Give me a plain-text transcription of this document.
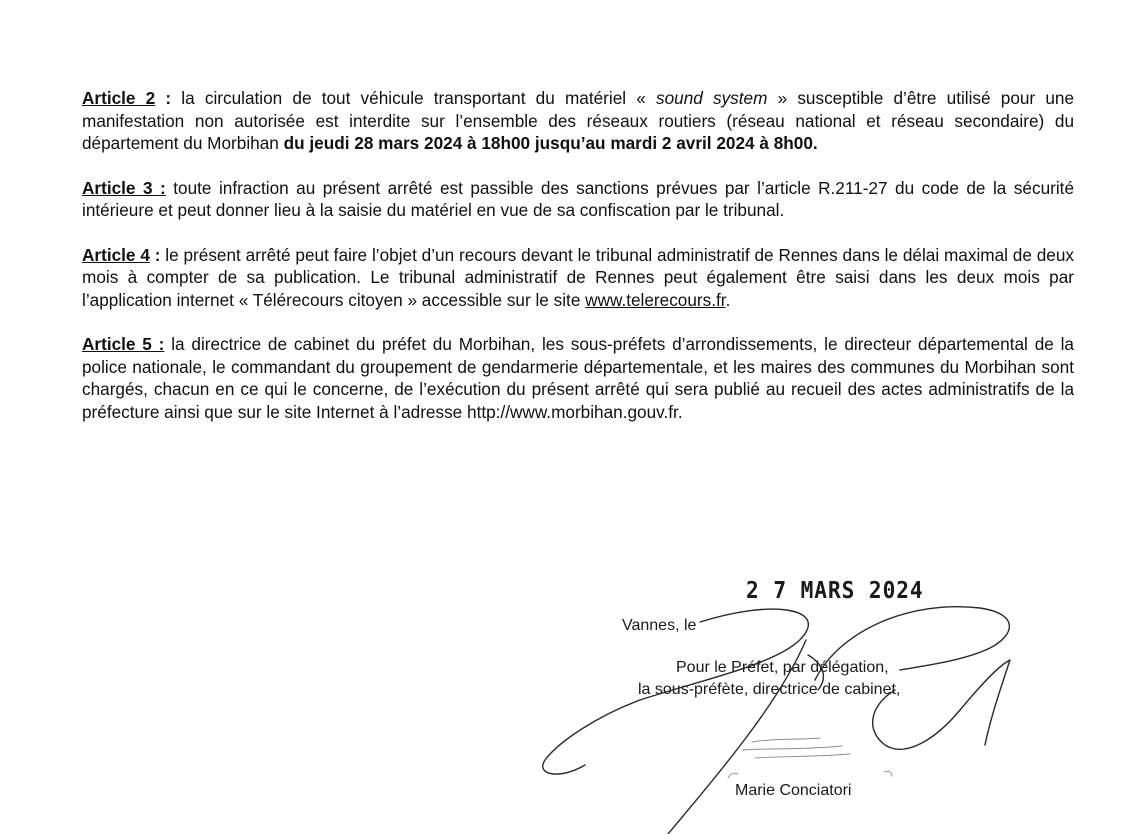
Article 2 : la circulation de tout véhicule transportant du matériel « sound system » susceptible d’être utilisé pour une manifestation non autorisée est interdite sur l’ensemble des réseaux routiers (réseau national et réseau secondaire) du département du Morbihan du jeudi 28 mars 2024 à 18h00 jusqu’au mardi 2 avril 2024 à 8h00.

Article 3 : toute infraction au présent arrêté est passible des sanctions prévues par l’article R.211-27 du code de la sécurité intérieure et peut donner lieu à la saisie du matériel en vue de sa confiscation par le tribunal.

Article 4 : le présent arrêté peut faire l’objet d’un recours devant le tribunal administratif de Rennes dans le délai maximal de deux mois à compter de sa publication. Le tribunal administratif de Rennes peut également être saisi dans les deux mois par l’application internet « Télérecours citoyen » accessible sur le site www.telerecours.fr.

Article 5 : la directrice de cabinet du préfet du Morbihan, les sous-préfets d’arrondissements, le directeur départemental de la police nationale, le commandant du groupement de gendarmerie départementale, et les maires des communes du Morbihan sont chargés, chacun en ce qui le concerne, de l’exécution du présent arrêté qui sera publié au recueil des actes administratifs de la préfecture ainsi que sur le site Internet à l’adresse http://www.morbihan.gouv.fr.

2 7 MARS 2024
Vannes, le
Pour le Préfet, par délégation,
la sous-préfète, directrice de cabinet,
Marie Conciatori
